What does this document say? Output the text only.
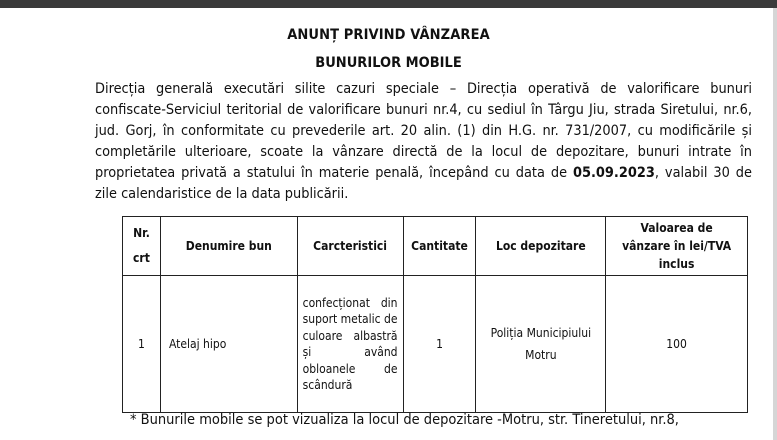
ANUNȚ PRIVIND VÂNZAREA
BUNURILOR MOBILE
Direcția generală executări silite cazuri speciale – Direcția operativă de valorificare bunuri confiscate-Serviciul teritorial de valorificare bunuri nr.4, cu sediul în Târgu Jiu, strada Siretului, nr.6, jud. Gorj, în conformitate cu prevederile art. 20 alin. (1) din H.G. nr. 731/2007, cu modificările și completările ulterioare, scoate la vânzare directă de la locul de depozitare, bunuri intrate în proprietatea privată a statului în materie penală, începând cu data de 05.09.2023, valabil 30 de zile calendaristice de la data publicării.
Nr. crt	Denumire bun	Carcteristici	Cantitate	Loc depozitare	Valoarea de vânzare în lei/TVA inclus

1	Atelaj hipo	confecționat din suport metalic de culoare albastră și având obloanele de scândură	1	Poliția Municipiului Motru	100
* Bunurile mobile se pot vizualiza la locul de depozitare -Motru, str. Tineretului, nr.8,
